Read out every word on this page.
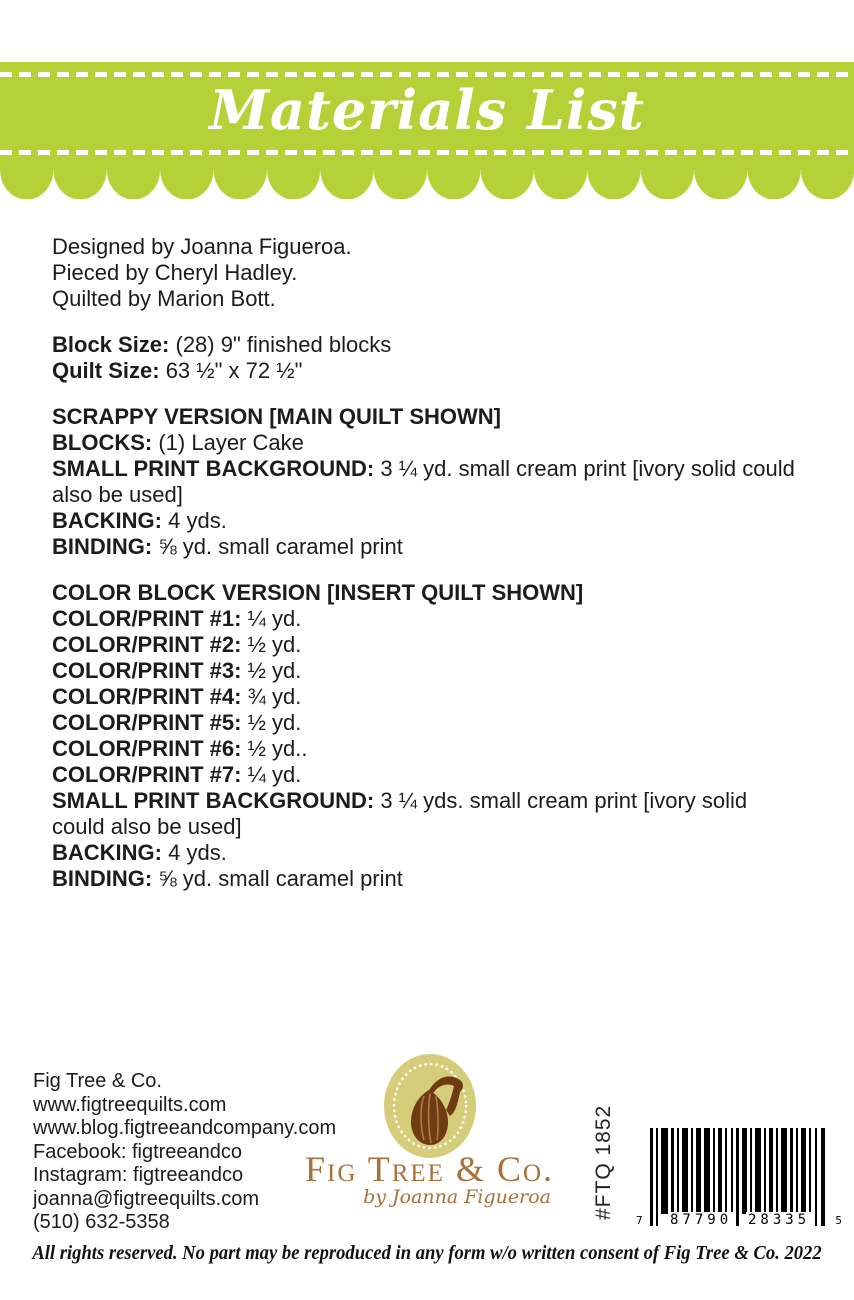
Materials List
Designed by Joanna Figueroa.
Pieced by Cheryl Hadley.
Quilted by Marion Bott.
Block Size: (28) 9" finished blocks
Quilt Size: 63 ½" x 72 ½"
SCRAPPY VERSION [MAIN QUILT SHOWN]
BLOCKS: (1) Layer Cake
SMALL PRINT BACKGROUND: 3 ¼ yd. small cream print [ivory solid could also be used]
BACKING: 4 yds.
BINDING: ⅝ yd. small caramel print
COLOR BLOCK VERSION [INSERT QUILT SHOWN]
COLOR/PRINT #1: ¼ yd.
COLOR/PRINT #2: ½ yd.
COLOR/PRINT #3: ½ yd.
COLOR/PRINT #4: ¾ yd.
COLOR/PRINT #5: ½ yd.
COLOR/PRINT #6: ½ yd..
COLOR/PRINT #7: ¼ yd.
SMALL PRINT BACKGROUND: 3 ¼ yds. small cream print [ivory solid could also be used]
BACKING: 4 yds.
BINDING: ⅝ yd. small caramel print
Fig Tree & Co.
www.figtreequilts.com
www.blog.figtreeandcompany.com
Facebook: figtreeandco
Instagram: figtreeandco
joanna@figtreequilts.com
(510) 632-5358
Fig Tree & Co.
by Joanna Figueroa #FTQ 1852
7 87790 28335 5
All rights reserved. No part may be reproduced in any form w/o written consent of Fig Tree & Co. 2022
